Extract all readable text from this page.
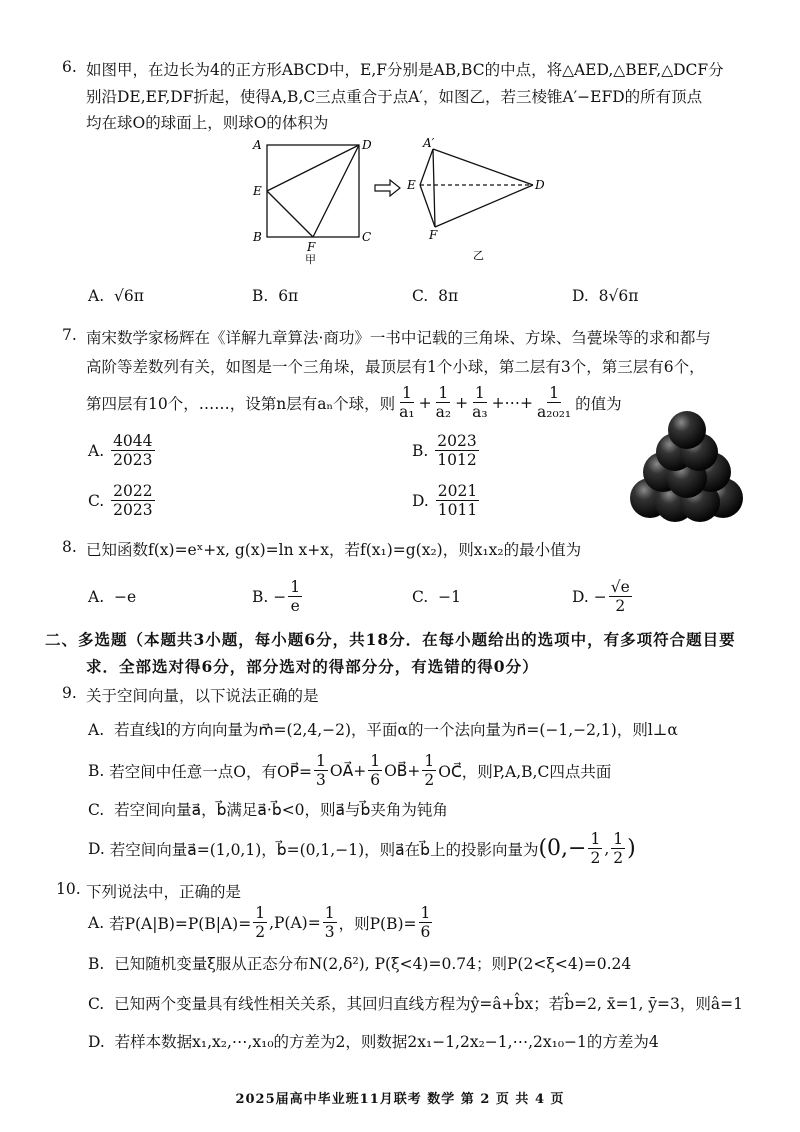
6. 如图甲，在边长为4的正方形ABCD中，E,F分别是AB,BC的中点，将△AED,△BEF,△DCF分
别沿DE,EF,DF折起，使得A,B,C三点重合于点A′，如图乙，若三棱锥A′−EFD的所有顶点
均在球O的球面上，则球O的体积为
A	D
E
B	C
F
甲
A′
E	D
F
乙
A. √6π	B. 6π	C. 8π	D. 8√6π
7. 南宋数学家杨辉在《详解九章算法·商功》一书中记载的三角垛、方垛、刍甍垛等的求和都与
高阶等差数列有关，如图是一个三角垛，最顶层有1个小球，第二层有3个，第三层有6个，
第四层有10个，……，设第n层有aₙ个球，则 $\frac{1}{\text{a₁}} + \frac{1}{\text{a₂}} + \frac{1}{\text{a₃}}$ +⋯+ $\frac{1}{\text{a₂₀₂₁}}$ 的值为
A.
$\frac{4044}{2023}$	B.
$\frac{2023}{1012}$
C.
$\frac{2022}{2023}$	D.
$\frac{2021}{1011}$
8. 已知函数f(x)=eˣ+x, g(x)=ln x+x，若f(x₁)=g(x₂)，则x₁x₂的最小值为
A. −e	B.
− $\frac{1}{e}$	C. −1	D.
− $\frac{√e}{2}$
二、多选题（本题共3小题，每小题6分，共18分．在每小题给出的选项中，有多项符合题目要
求．全部选对得6分，部分选对的得部分分，有选错的得0分）
9. 关于空间向量，以下说法正确的是
A. 若直线l的方向向量为m⃗=(2,4,−2)，平面α的一个法向量为n⃗=(−1,−2,1)，则l⊥α
B.
若空间中任意一点O，有OP⃗= $\frac{1}{3}$ OA⃗+ $\frac{1}{6}$ OB⃗+ $\frac{1}{2}$ OC⃗，则P,A,B,C四点共面
C. 若空间向量a⃗，b⃗满足a⃗·b⃗<0，则a⃗与b⃗夹角为钝角
D.
若空间向量a⃗=(1,0,1)，b⃗=(0,1,−1)，则a⃗在b⃗上的投影向量为 ($0,- \frac{1}{2}$ , $\frac{1}{2}$ )
10. 下列说法中，正确的是
A.
若$P(A|B)=P(B|A)= \frac{1}{2} ,P(A)= \frac{1}{3}$ ，则$P(B)= \frac{1}{6}$
B. 已知随机变量ξ服从正态分布N(2,δ²), P(ξ<4)=0.74；则P(2<ξ<4)=0.24
C. 已知两个变量具有线性相关关系，其回归直线方程为ŷ=â+b̂x；若b̂=2, x̄=1, ȳ=3，则â=1
D. 若样本数据x₁,x₂,⋯,x₁₀的方差为2，则数据2x₁−1,2x₂−1,⋯,2x₁₀−1的方差为4
2025届高中毕业班11月联考 数学 第 2 页 共 4 页
